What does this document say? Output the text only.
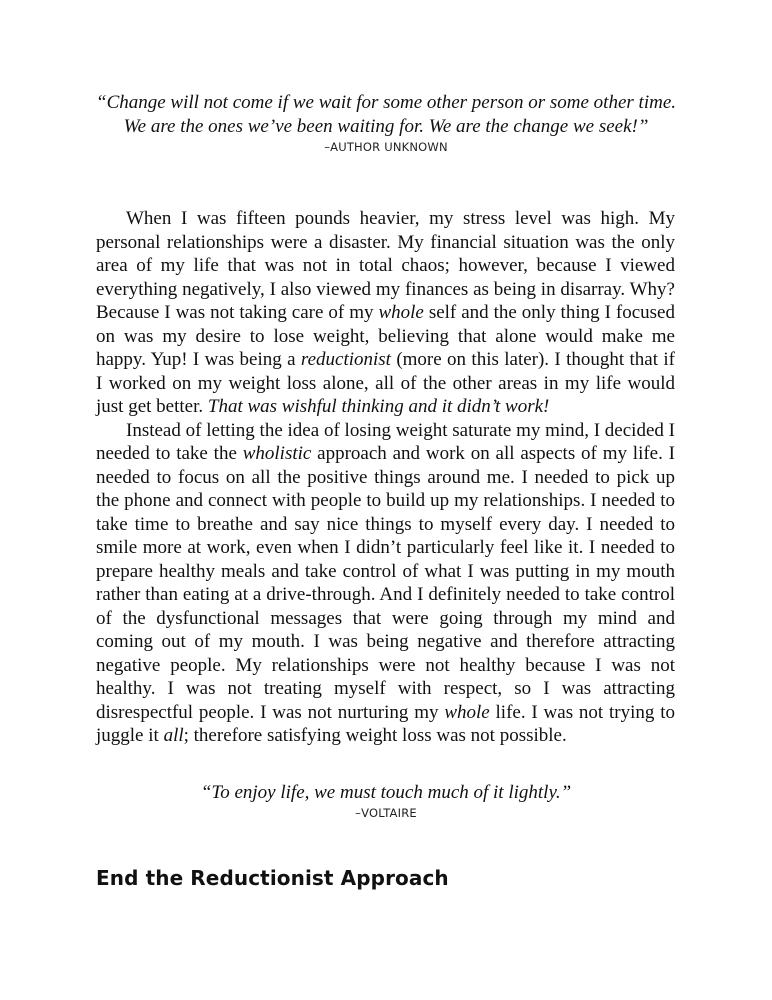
“Change will not come if we wait for some other person or some other time. We are the ones we’ve been waiting for. We are the change we seek!”
–AUTHOR UNKNOWN

When I was fifteen pounds heavier, my stress level was high. My personal relationships were a disaster. My financial situation was the only area of my life that was not in total chaos; however, because I viewed everything negatively, I also viewed my finances as being in disarray. Why? Because I was not taking care of my whole self and the only thing I focused on was my desire to lose weight, believing that alone would make me happy. Yup! I was being a reductionist (more on this later). I thought that if I worked on my weight loss alone, all of the other areas in my life would just get better. That was wishful thinking and it didn’t work!

Instead of letting the idea of losing weight saturate my mind, I decided I needed to take the wholistic approach and work on all aspects of my life. I needed to focus on all the positive things around me. I needed to pick up the phone and connect with people to build up my relationships. I needed to take time to breathe and say nice things to myself every day. I needed to smile more at work, even when I didn’t particularly feel like it. I needed to prepare healthy meals and take control of what I was putting in my mouth rather than eating at a drive-through. And I definitely needed to take control of the dysfunctional messages that were going through my mind and coming out of my mouth. I was being negative and therefore attracting negative people. My relationships were not healthy because I was not healthy. I was not treating myself with respect, so I was attracting disrespectful people. I was not nurturing my whole life. I was not trying to juggle it all; therefore satisfying weight loss was not possible.

“To enjoy life, we must touch much of it lightly.”
–VOLTAIRE
End the Reductionist Approach
